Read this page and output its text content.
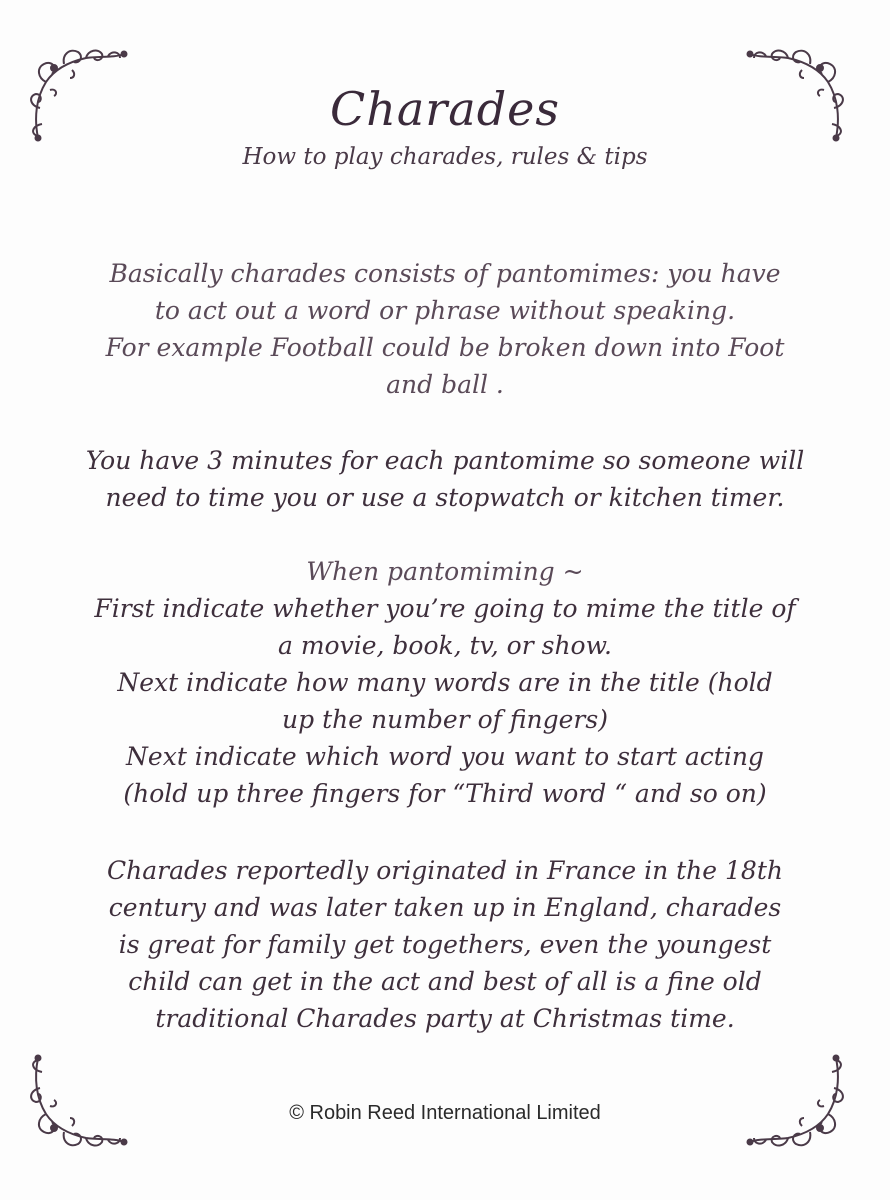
Charades
How to play charades, rules & tips
Basically charades consists of pantomimes: you have
to act out a word or phrase without speaking.
For example Football could be broken down into Foot
and ball .
You have 3 minutes for each pantomime so someone will
need to time you or use a stopwatch or kitchen timer.
When pantomiming ~
First indicate whether you’re going to mime the title of
a movie, book, tv, or show.
Next indicate how many words are in the title (hold
up the number of fingers)
Next indicate which word you want to start acting
(hold up three fingers for “Third word “ and so on)
Charades reportedly originated in France in the 18th
century and was later taken up in England, charades
is great for family get togethers, even the youngest
child can get in the act and best of all is a fine old
traditional Charades party at Christmas time.
© Robin Reed International Limited
